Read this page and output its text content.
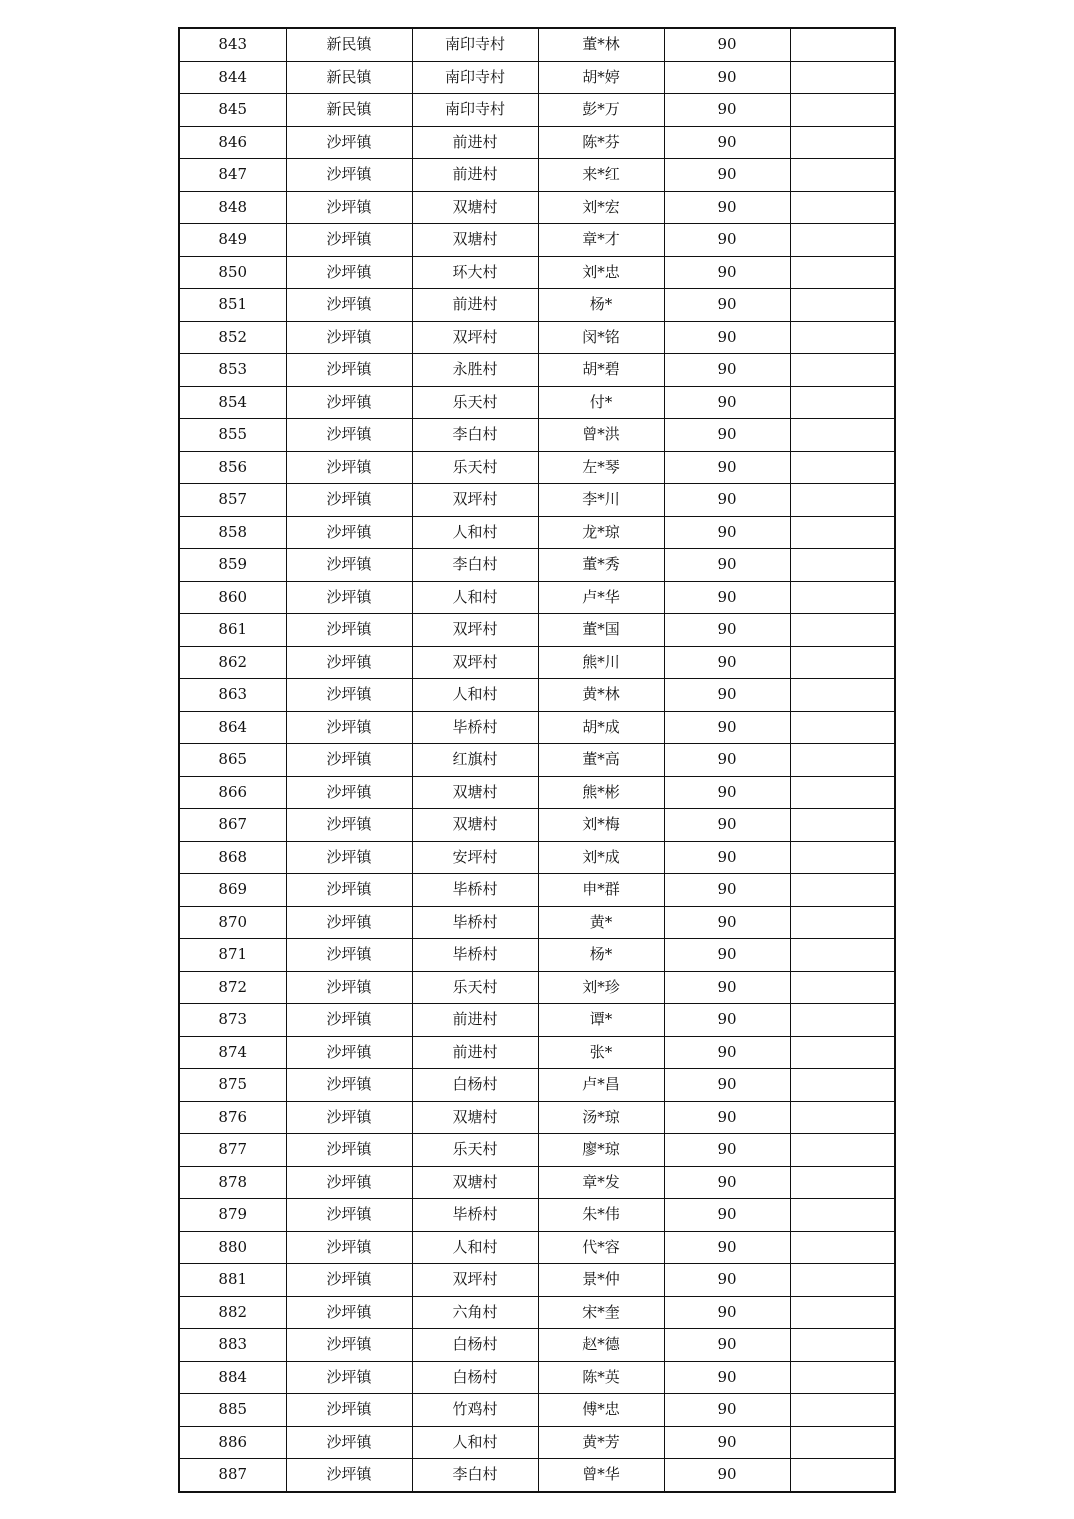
843	新民镇	南印寺村	董*林	90	
844	新民镇	南印寺村	胡*婷	90	
845	新民镇	南印寺村	彭*万	90	
846	沙坪镇	前进村	陈*芬	90	
847	沙坪镇	前进村	来*红	90	
848	沙坪镇	双塘村	刘*宏	90	
849	沙坪镇	双塘村	章*才	90	
850	沙坪镇	环大村	刘*忠	90	
851	沙坪镇	前进村	杨*	90	
852	沙坪镇	双坪村	闵*铭	90	
853	沙坪镇	永胜村	胡*碧	90	
854	沙坪镇	乐天村	付*	90	
855	沙坪镇	李白村	曾*洪	90	
856	沙坪镇	乐天村	左*琴	90	
857	沙坪镇	双坪村	李*川	90	
858	沙坪镇	人和村	龙*琼	90	
859	沙坪镇	李白村	董*秀	90	
860	沙坪镇	人和村	卢*华	90	
861	沙坪镇	双坪村	董*国	90	
862	沙坪镇	双坪村	熊*川	90	
863	沙坪镇	人和村	黄*林	90	
864	沙坪镇	毕桥村	胡*成	90	
865	沙坪镇	红旗村	董*高	90	
866	沙坪镇	双塘村	熊*彬	90	
867	沙坪镇	双塘村	刘*梅	90	
868	沙坪镇	安坪村	刘*成	90	
869	沙坪镇	毕桥村	申*群	90	
870	沙坪镇	毕桥村	黄*	90	
871	沙坪镇	毕桥村	杨*	90	
872	沙坪镇	乐天村	刘*珍	90	
873	沙坪镇	前进村	谭*	90	
874	沙坪镇	前进村	张*	90	
875	沙坪镇	白杨村	卢*昌	90	
876	沙坪镇	双塘村	汤*琼	90	
877	沙坪镇	乐天村	廖*琼	90	
878	沙坪镇	双塘村	章*发	90	
879	沙坪镇	毕桥村	朱*伟	90	
880	沙坪镇	人和村	代*容	90	
881	沙坪镇	双坪村	景*仲	90	
882	沙坪镇	六角村	宋*奎	90	
883	沙坪镇	白杨村	赵*德	90	
884	沙坪镇	白杨村	陈*英	90	
885	沙坪镇	竹鸡村	傅*忠	90	
886	沙坪镇	人和村	黄*芳	90	
887	沙坪镇	李白村	曾*华	90	
